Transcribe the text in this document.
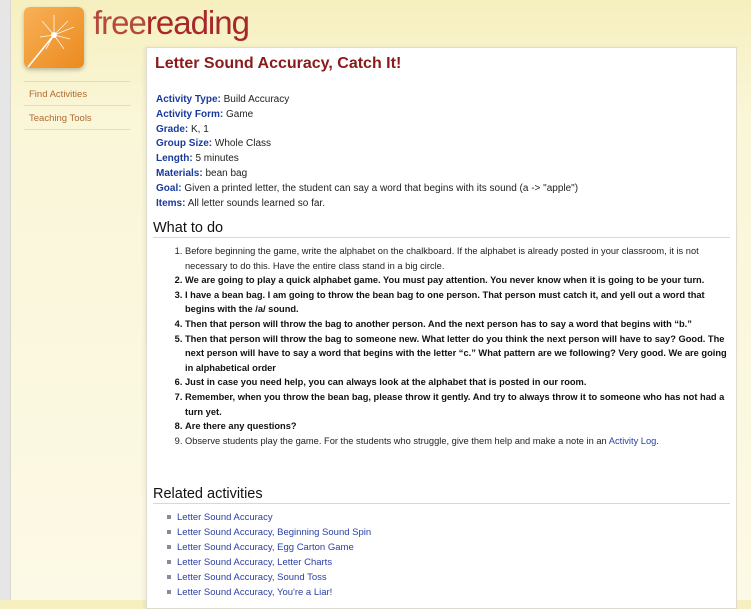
freereading
Find Activities
Teaching Tools
Letter Sound Accuracy, Catch It!
Activity Type: Build Accuracy
Activity Form: Game
Grade: K, 1
Group Size: Whole Class
Length: 5 minutes
Materials: bean bag
Goal: Given a printed letter, the student can say a word that begins with its sound (a -> "apple")
Items: All letter sounds learned so far.
What to do
1. Before beginning the game, write the alphabet on the chalkboard. If the alphabet is already posted in your classroom, it is not necessary to do this. Have the entire class stand in a big circle.
2. We are going to play a quick alphabet game. You must pay attention. You never know when it is going to be your turn.
3. I have a bean bag. I am going to throw the bean bag to one person. That person must catch it, and yell out a word that begins with the /a/ sound.
4. Then that person will throw the bag to another person. And the next person has to say a word that begins with “b.”
5. Then that person will throw the bag to someone new. What letter do you think the next person will have to say? Good. The next person will have to say a word that begins with the letter “c.” What pattern are we following? Very good. We are going in alphabetical order
6. Just in case you need help, you can always look at the alphabet that is posted in our room.
7. Remember, when you throw the bean bag, please throw it gently. And try to always throw it to someone who has not had a turn yet.
8. Are there any questions?
9. Observe students play the game. For the students who struggle, give them help and make a note in an Activity Log.
Related activities
Letter Sound Accuracy
Letter Sound Accuracy, Beginning Sound Spin
Letter Sound Accuracy, Egg Carton Game
Letter Sound Accuracy, Letter Charts
Letter Sound Accuracy, Sound Toss
Letter Sound Accuracy, You're a Liar!
